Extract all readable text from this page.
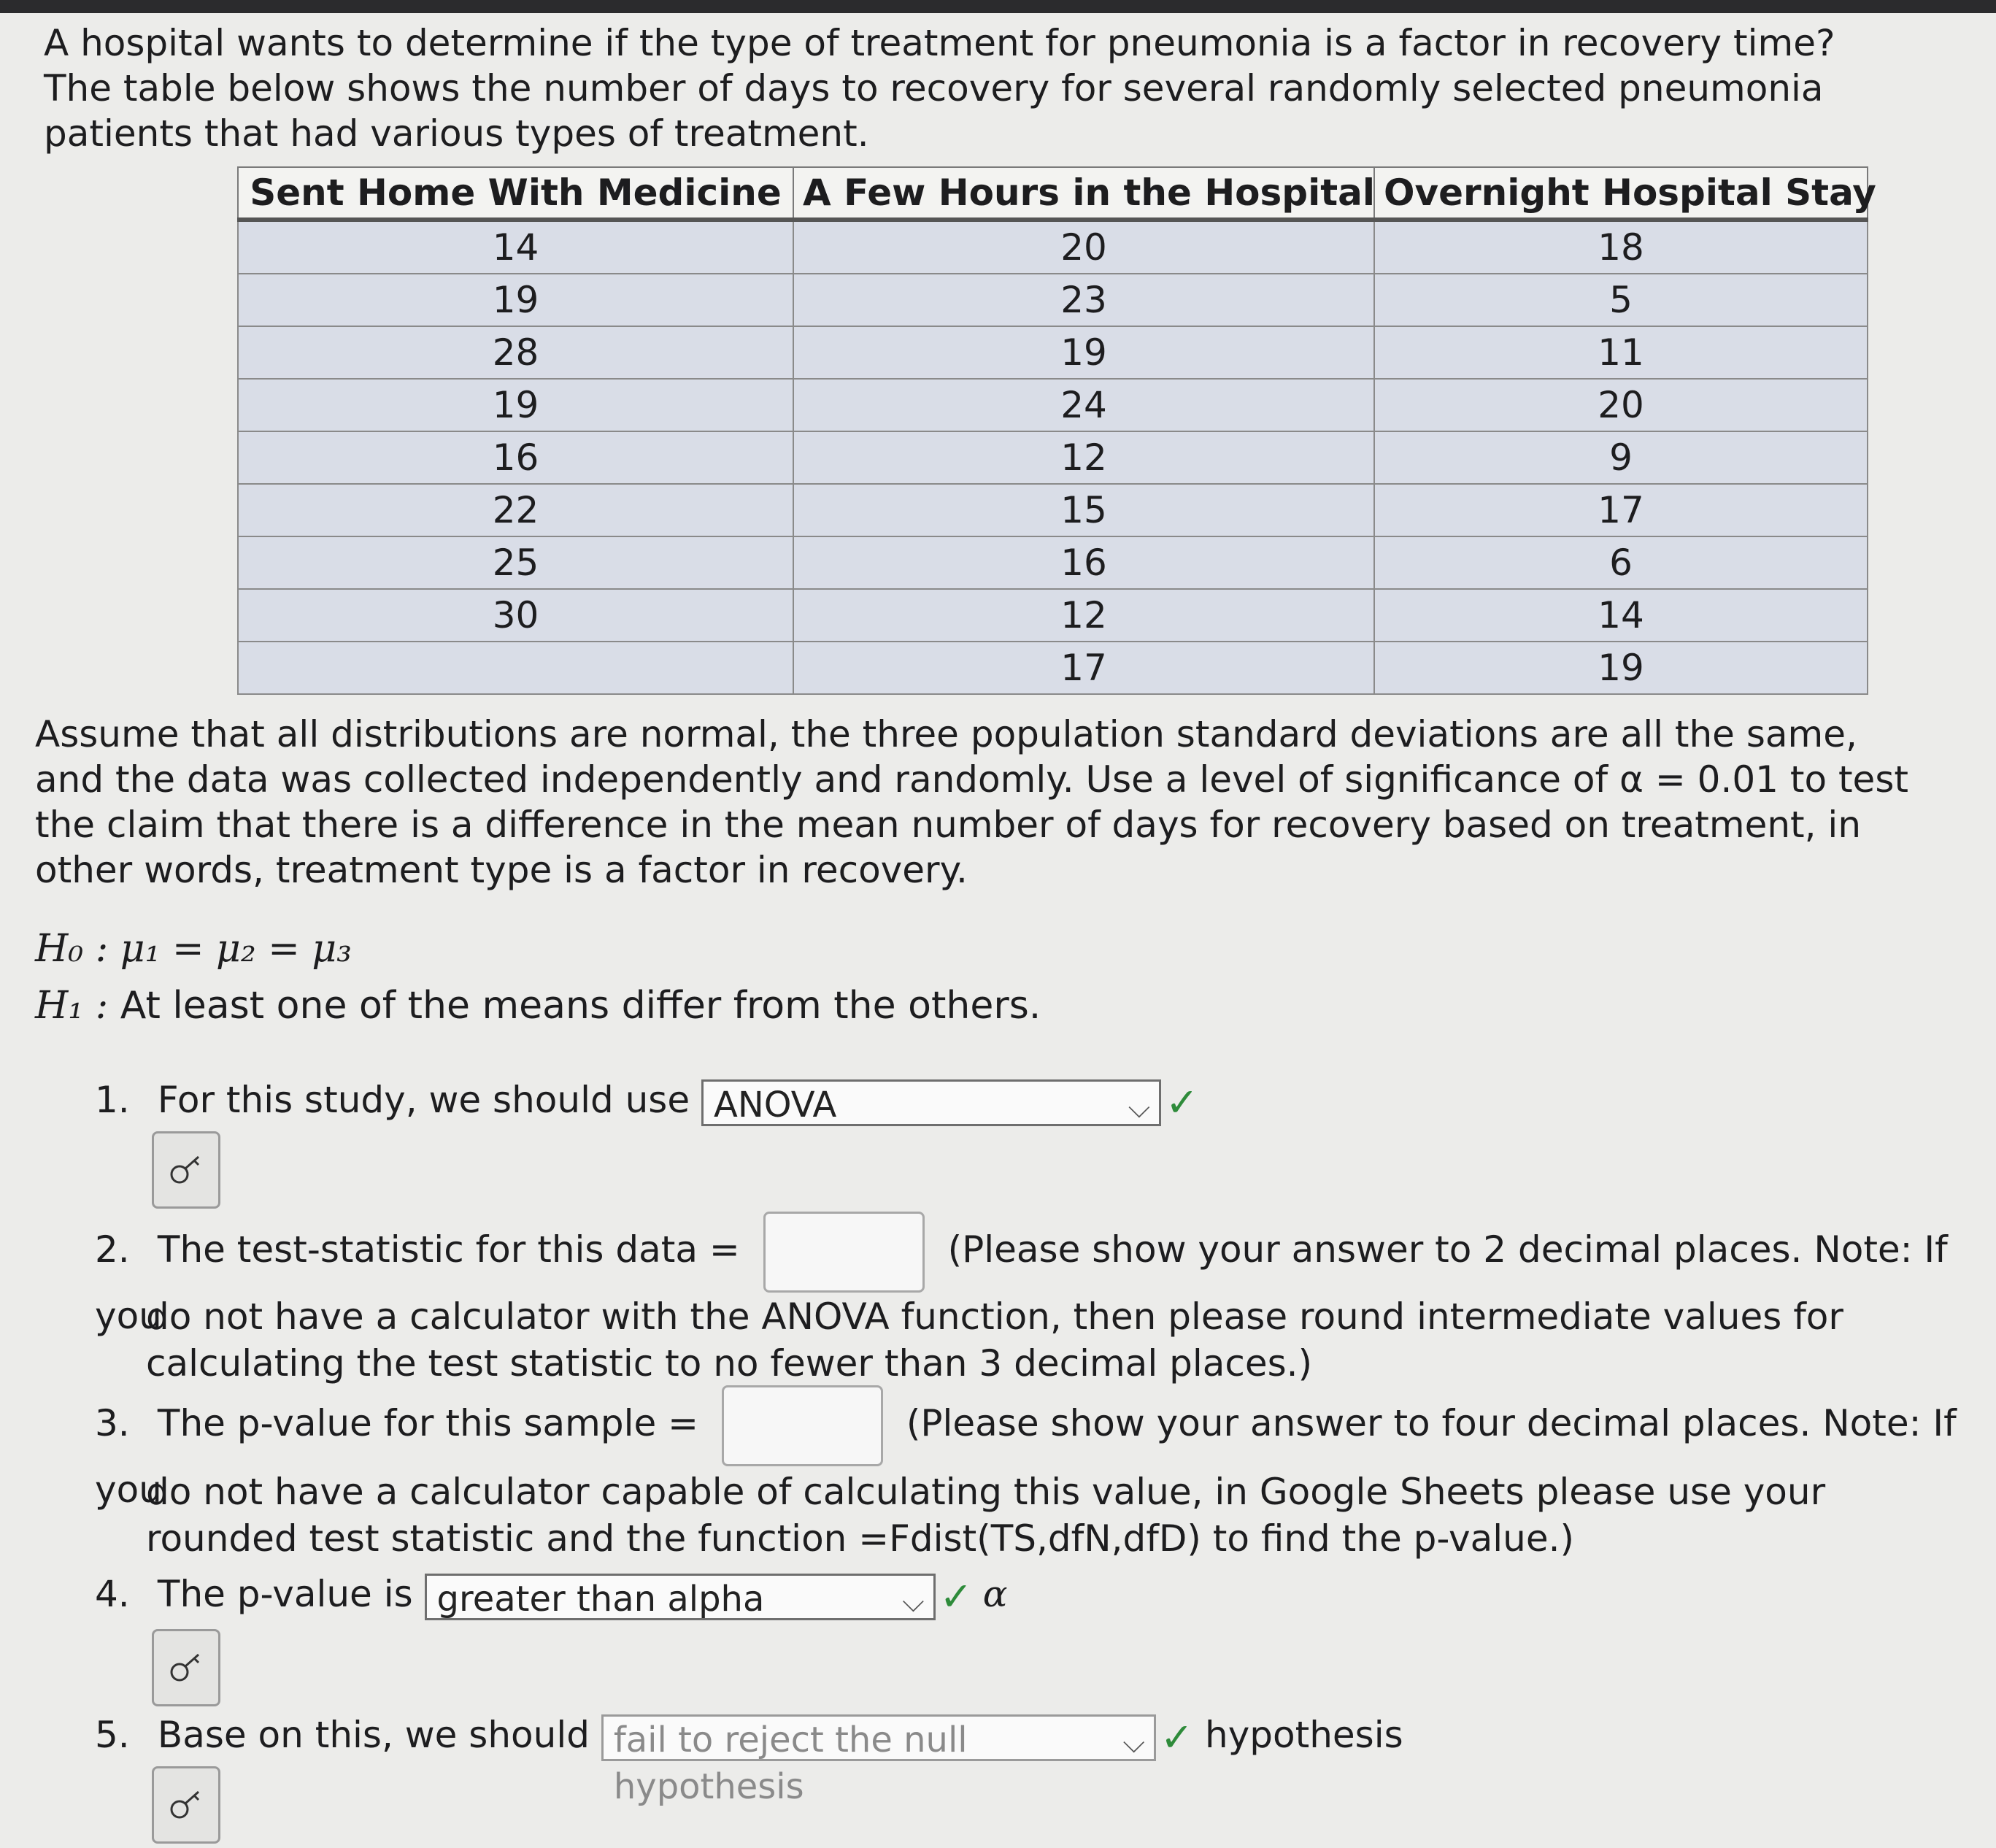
A hospital wants to determine if the type of treatment for pneumonia is a factor in recovery time? The table below shows the number of days to recovery for several randomly selected pneumonia patients that had various types of treatment.

Sent Home With Medicine	A Few Hours in the Hospital	Overnight Hospital Stay
14	20	18
19	23	5
28	19	11
19	24	20
16	12	9
22	15	17
25	16	6
30	12	14
	17	19

Assume that all distributions are normal, the three population standard deviations are all the same, and the data was collected independently and randomly. Use a level of significance of α = 0.01 to test the claim that there is a difference in the mean number of days for recovery based on treatment, in other words, treatment type is a factor in recovery.

H₀ : μ₁ = μ₂ = μ₃
H₁ : At least one of the means differ from the others.
1. For this study, we should use ANOVA	⌵ ✓
2. The test-statistic for this data =	(Please show your answer to 2 decimal places. Note: If you
do not have a calculator with the ANOVA function, then please round intermediate values for calculating the test statistic to no fewer than 3 decimal places.)
3. The p-value for this sample =	(Please show your answer to four decimal places. Note: If you
do not have a calculator capable of calculating this value, in Google Sheets please use your rounded test statistic and the function =Fdist(TS,dfN,dfD) to find the p-value.)
4. The p-value is greater than alpha	⌵ ✓ α
5. Base on this, we should fail to reject the null hypothesis
⌵ ✓ hypothesis
